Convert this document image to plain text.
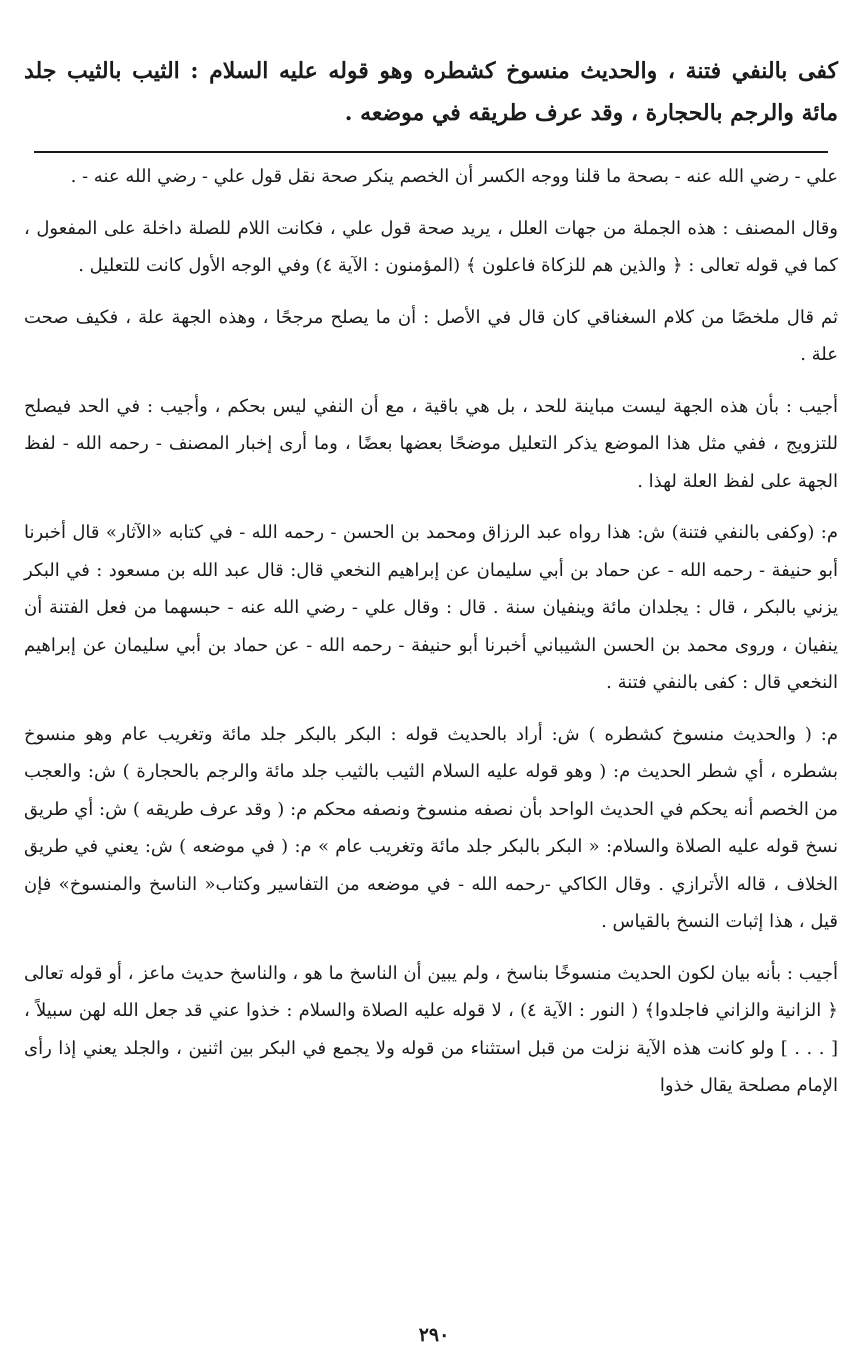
كفى بالنفي فتنة ، والحديث منسوخ كشطره وهو قوله عليه السلام : الثيب بالثيب جلد مائة والرجم بالحجارة ، وقد عرف طريقه في موضعه .

علي - رضي الله عنه - بصحة ما قلنا ووجه الكسر أن الخصم ينكر صحة نقل قول علي - رضي الله عنه - .

وقال المصنف : هذه الجملة من جهات العلل ، يريد صحة قول علي ، فكانت اللام للصلة داخلة على المفعول ، كما في قوله تعالى : ﴿ والذين هم للزكاة فاعلون ﴾ (المؤمنون : الآية ٤) وفي الوجه الأول كانت للتعليل .

ثم قال ملخصًا من كلام السغناقي كان قال في الأصل : أن ما يصلح مرجحًا ، وهذه الجهة علة ، فكيف صحت علة .

أجيب : بأن هذه الجهة ليست مباينة للحد ، بل هي باقية ، مع أن النفي ليس بحكم ، وأجيب : في الحد فيصلح للتزويج ، ففي مثل هذا الموضع يذكر التعليل موضحًا بعضها بعضًا ، وما أرى إخبار المصنف - رحمه الله - لفظ الجهة على لفظ العلة لهذا .

م: (وكفى بالنفي فتنة) ش: هذا رواه عبد الرزاق ومحمد بن الحسن - رحمه الله - في كتابه «الآثار» قال أخبرنا أبو حنيفة - رحمه الله - عن حماد بن أبي سليمان عن إبراهيم النخعي قال: قال عبد الله بن مسعود : في البكر يزني بالبكر ، قال : يجلدان مائة وينفيان سنة . قال : وقال علي - رضي الله عنه - حبسهما من فعل الفتنة أن ينفيان ، وروى محمد بن الحسن الشيباني أخبرنا أبو حنيفة - رحمه الله - عن حماد بن أبي سليمان عن إبراهيم النخعي قال : كفى بالنفي فتنة .

م: ( والحديث منسوخ كشطره ) ش: أراد بالحديث قوله : البكر بالبكر جلد مائة وتغريب عام وهو منسوخ بشطره ، أي شطر الحديث م: ( وهو قوله عليه السلام الثيب بالثيب جلد مائة والرجم بالحجارة ) ش: والعجب من الخصم أنه يحكم في الحديث الواحد بأن نصفه منسوخ ونصفه محكم م: ( وقد عرف طريقه ) ش: أي طريق نسخ قوله عليه الصلاة والسلام: « البكر بالبكر جلد مائة وتغريب عام » م: ( في موضعه ) ش: يعني في طريق الخلاف ، قاله الأترازي . وقال الكاكي -رحمه الله - في موضعه من التفاسير وكتاب« الناسخ والمنسوخ» فإن قيل ، هذا إثبات النسخ بالقياس .

أجيب : بأنه بيان لكون الحديث منسوخًا بناسخ ، ولم يبين أن الناسخ ما هو ، والناسخ حديث ماعز ، أو قوله تعالى ﴿ الزانية والزاني فاجلدوا﴾ ( النور : الآية ٤) ، لا قوله عليه الصلاة والسلام : خذوا عني قد جعل الله لهن سبيلاً ، [ . . . ] ولو كانت هذه الآية نزلت من قبل استثناء من قوله ولا يجمع في البكر بين اثنين ، والجلد يعني إذا رأى الإمام مصلحة يقال خذوا

٢٩٠
